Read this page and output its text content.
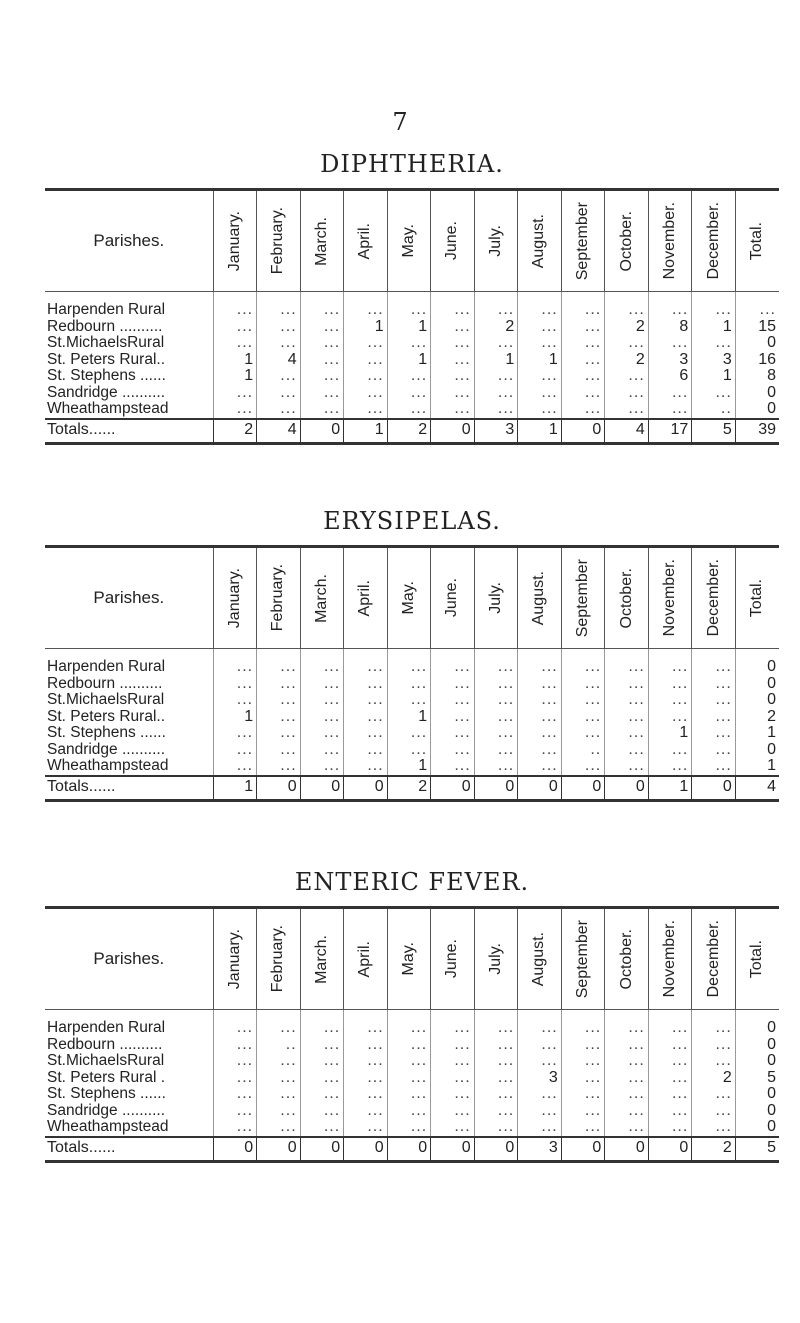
7
DIPHTHERIA.
Parishes.	January.	February.	March.	April.	May.	June.	July.	August.	September	October.	November.	December.	Total.

Harpenden Rural	...	...	...	...	...	...	...	...	...	...	...	...	...
Redbourn ..........	...	...	...	1	1	...	2	...	...	2	8	1	15
St.MichaelsRural	...	...	...	...	...	...	...	...	...	...	...	...	0
St. Peters Rural..	1	4	...	...	1	...	1	1	...	2	3	3	16
St. Stephens ......	1	...	...	...	...	...	...	...	...	...	6	1	8
Sandridge ..........	...	...	...	...	...	...	...	...	...	...	...	...	0
Wheathampstead	...	...	...	...	...	...	...	...	...	...	...	..	0
Totals......	2	4	0	1	2	0	3	1	0	4	17	5	39
ERYSIPELAS.
Parishes.	January.	February.	March.	April.	May.	June.	July.	August.	September	October.	November.	December.	Total.

Harpenden Rural	...	...	...	...	...	...	...	...	...	...	...	...	0
Redbourn ..........	...	...	...	...	...	...	...	...	...	...	...	...	0
St.MichaelsRural	...	...	...	...	...	...	...	...	...	...	...	...	0
St. Peters Rural..	1	...	...	...	1	...	...	...	...	...	...	...	2
St. Stephens ......	...	...	...	...	...	...	...	...	...	...	1	...	1
Sandridge ..........	...	...	...	...	...	...	...	...	..	...	...	...	0
Wheathampstead	...	...	...	...	1	...	...	...	...	...	...	...	1
Totals......	1	0	0	0	2	0	0	0	0	0	1	0	4
ENTERIC FEVER.
Parishes.	January.	February.	March.	April.	May.	June.	July.	August.	September	October.	November.	December.	Total.

Harpenden Rural	...	...	...	...	...	...	...	...	...	...	...	...	0
Redbourn ..........	...	..	...	...	...	...	...	...	...	...	...	...	0
St.MichaelsRural	...	...	...	...	...	...	...	...	...	...	...	...	0
St. Peters Rural .	...	...	...	...	...	...	...	3	...	...	...	2	5
St. Stephens ......	...	...	...	...	...	...	...	...	...	...	...	...	0
Sandridge ..........	...	...	...	...	...	...	...	...	...	...	...	...	0
Wheathampstead	...	...	...	...	...	...	...	...	...	...	...	...	0
Totals......	0	0	0	0	0	0	0	3	0	0	0	2	5
